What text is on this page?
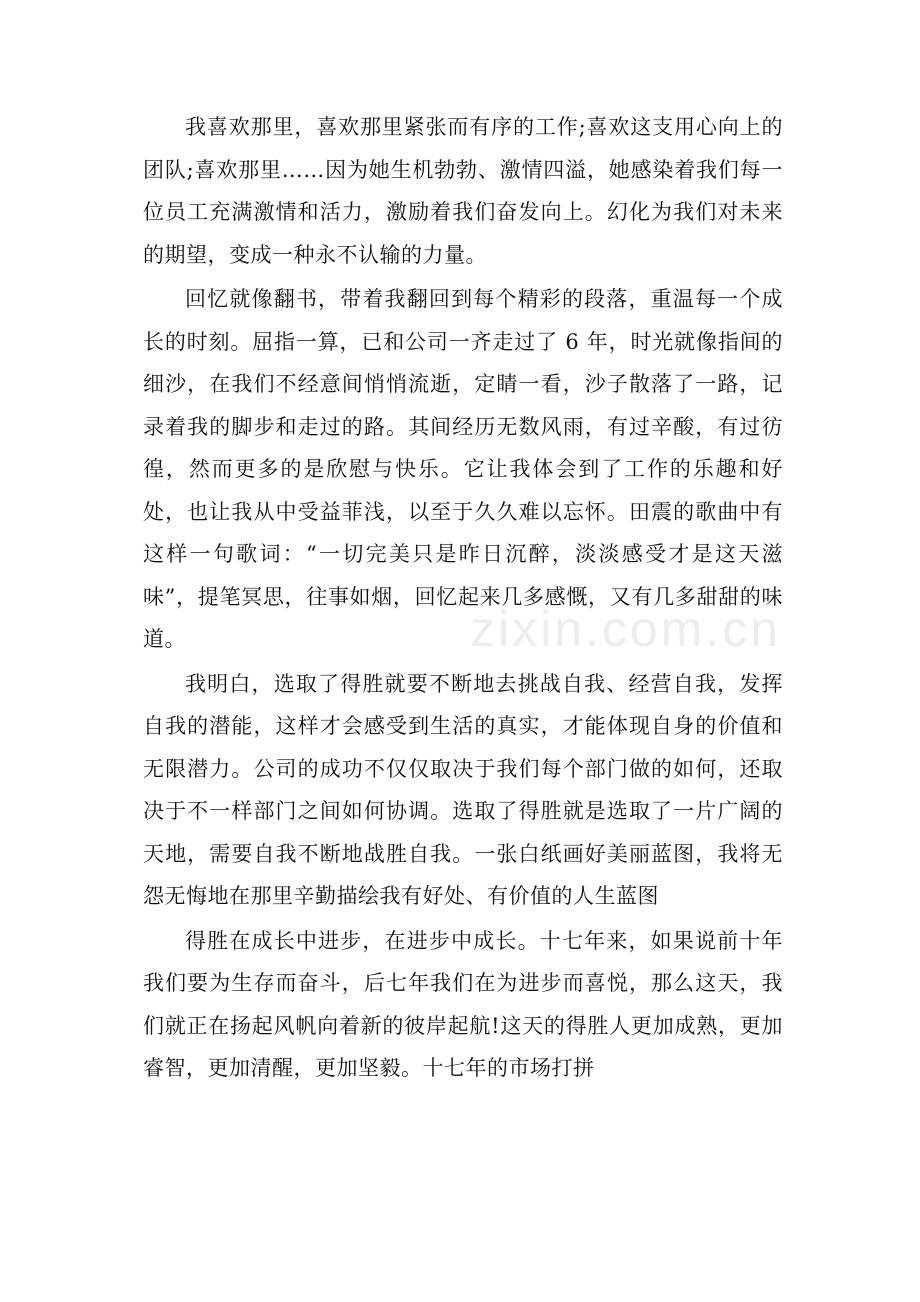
zixin.com.cn

我喜欢那里，喜欢那里紧张而有序的工作;喜欢这支用心向上的团队;喜欢那里……因为她生机勃勃、激情四溢，她感染着我们每一位员工充满激情和活力，激励着我们奋发向上。幻化为我们对未来的期望，变成一种永不认输的力量。

回忆就像翻书，带着我翻回到每个精彩的段落，重温每一个成长的时刻。屈指一算，已和公司一齐走过了 6 年，时光就像指间的细沙，在我们不经意间悄悄流逝，定睛一看，沙子散落了一路，记录着我的脚步和走过的路。其间经历无数风雨，有过辛酸，有过彷徨，然而更多的是欣慰与快乐。它让我体会到了工作的乐趣和好处，也让我从中受益菲浅，以至于久久难以忘怀。田震的歌曲中有这样一句歌词：“一切完美只是昨日沉醉，淡淡感受才是这天滋味”，提笔冥思，往事如烟，回忆起来几多感慨，又有几多甜甜的味道。

我明白，选取了得胜就要不断地去挑战自我、经营自我，发挥自我的潜能，这样才会感受到生活的真实，才能体现自身的价值和无限潜力。公司的成功不仅仅取决于我们每个部门做的如何，还取决于不一样部门之间如何协调。选取了得胜就是选取了一片广阔的天地，需要自我不断地战胜自我。一张白纸画好美丽蓝图，我将无怨无悔地在那里辛勤描绘我有好处、有价值的人生蓝图

得胜在成长中进步，在进步中成长。十七年来，如果说前十年我们要为生存而奋斗，后七年我们在为进步而喜悦，那么这天，我们就正在扬起风帆向着新的彼岸起航!这天的得胜人更加成熟，更加睿智，更加清醒，更加坚毅。十七年的市场打拼
